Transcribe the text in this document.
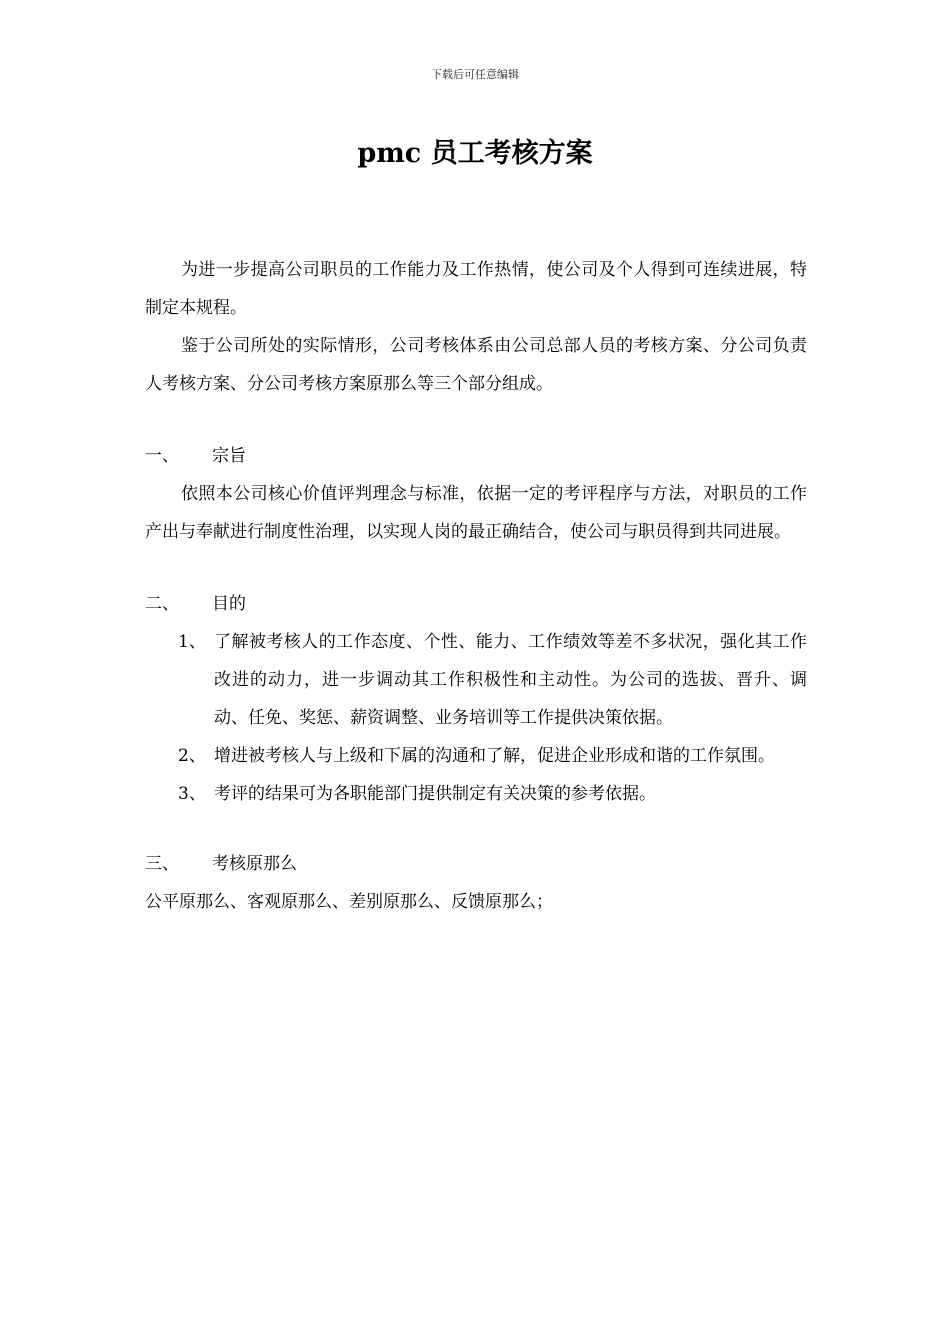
下载后可任意编辑
pmc 员工考核方案

为进一步提高公司职员的工作能力及工作热情，使公司及个人得到可连续进展，特制定本规程。

鉴于公司所处的实际情形，公司考核体系由公司总部人员的考核方案、分公司负责人考核方案、分公司考核方案原那么等三个部分组成。

一、	宗旨

依照本公司核心价值评判理念与标准，依据一定的考评程序与方法，对职员的工作产出与奉献进行制度性治理，以实现人岗的最正确结合，使公司与职员得到共同进展。

二、	目的
1、 了解被考核人的工作态度、个性、能力、工作绩效等差不多状况，强化其工作改进的动力，进一步调动其工作积极性和主动性。为公司的选拔、晋升、调动、任免、奖惩、薪资调整、业务培训等工作提供决策依据。
2、 增进被考核人与上级和下属的沟通和了解，促进企业形成和谐的工作氛围。
3、 考评的结果可为各职能部门提供制定有关决策的参考依据。
三、	考核原那么

公平原那么、客观原那么、差别原那么、反馈原那么；
